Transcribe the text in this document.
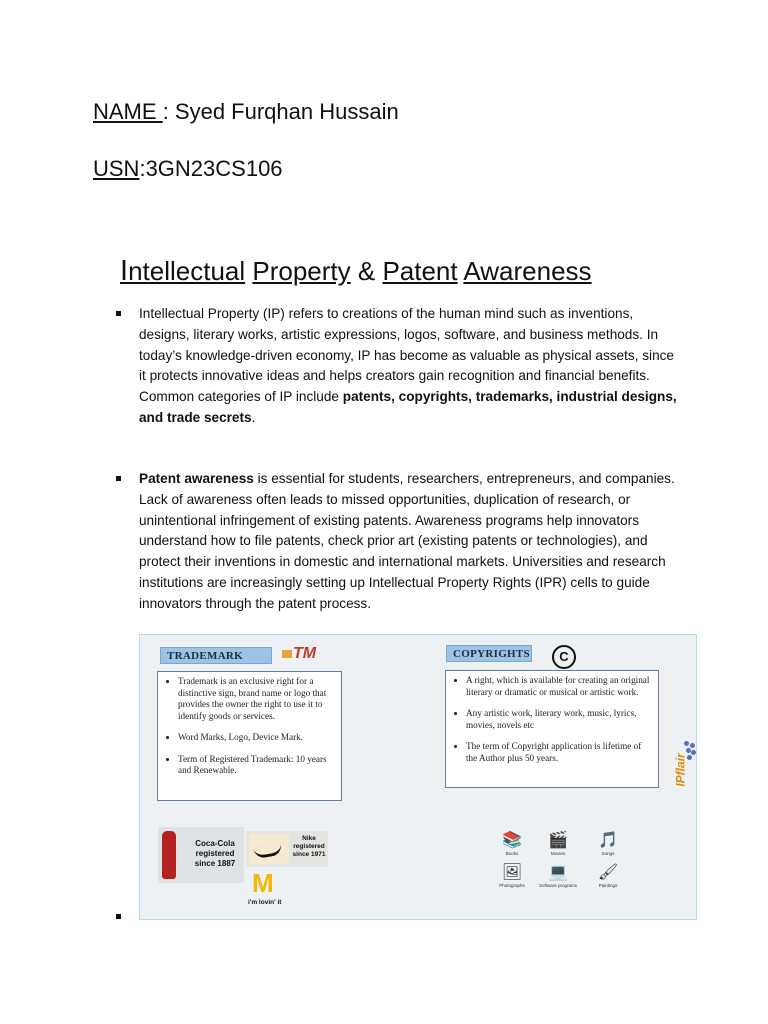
NAME : Syed Furqhan Hussain
USN:3GN23CS106
Intellectual Property & Patent Awareness
Intellectual Property (IP) refers to creations of the human mind such as inventions, designs, literary works, artistic expressions, logos, software, and business methods. In today’s knowledge-driven economy, IP has become as valuable as physical assets, since it protects innovative ideas and helps creators gain recognition and financial benefits. Common categories of IP include patents, copyrights, trademarks, industrial designs, and trade secrets.
Patent awareness is essential for students, researchers, entrepreneurs, and companies. Lack of awareness often leads to missed opportunities, duplication of research, or unintentional infringement of existing patents. Awareness programs help innovators understand how to file patents, check prior art (existing patents or technologies), and protect their inventions in domestic and international markets. Universities and research institutions are increasingly setting up Intellectual Property Rights (IPR) cells to guide innovators through the patent process.
TRADEMARK	TM
• Trademark is an exclusive right for a distinctive sign, brand name or logo that provides the owner the right to use it to identify goods or services.
• Word Marks, Logo, Device Mark.
• Term of Registered Trademark: 10 years and Renewable.
COPYRIGHTS	C
• A right, which is available for creating an original literary or dramatic or musical or artistic work.
• Any artistic work, literary work, music, lyrics, movies, novels etc
• The term of Copyright application is lifetime of the Author plus 50 years.
Coca-Cola registered since 1887
Nike registered since 1971
M
i'm lovin' it
📚
Books
🎬
Movies
🎵
Songs
🖼
Photographs
💻
Software programs
🖌
Paintings
IPflair
